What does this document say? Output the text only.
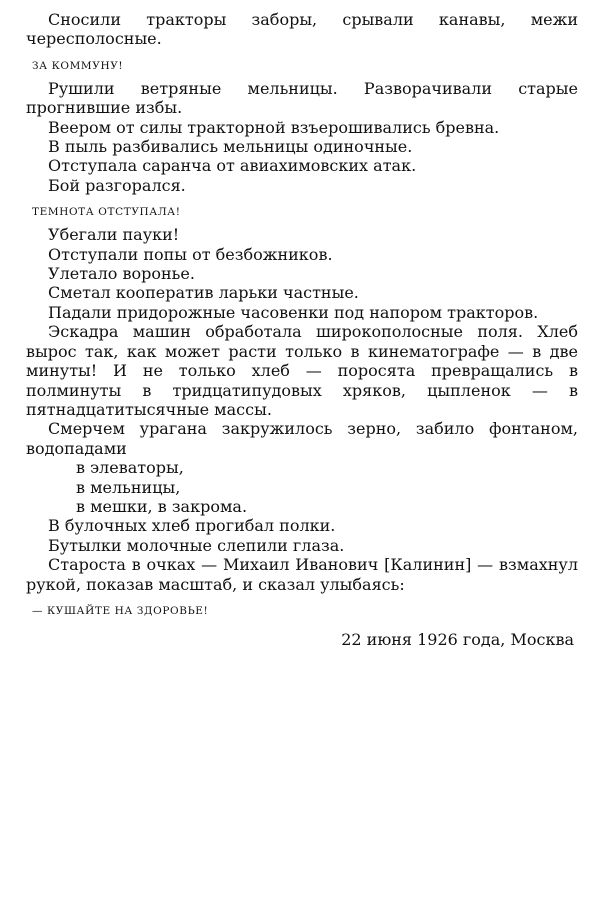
Сносили тракторы заборы, срывали канавы, межи чересполосные.

ЗА КОММУНУ!

Рушили ветряные мельницы. Разворачивали старые прогнившие избы.

Веером от силы тракторной взъерошивались бревна.

В пыль разбивались мельницы одиночные.

Отступала саранча от авиахимовских атак.

Бой разгорался.

ТЕМНОТА ОТСТУПАЛА!

Убегали пауки!

Отступали попы от безбожников.

Улетало воронье.

Сметал кооператив ларьки частные.

Падали придорожные часовенки под напором тракторов.

Эскадра машин обработала широкополосные поля. Хлеб вырос так, как может расти только в кинематографе — в две минуты! И не только хлеб — поросята превращались в полминуты в тридцатипудовых хряков, цыпленок — в пятнадцатитысячные массы.

Смерчем урагана закружилось зерно, забило фонтаном, водопадами

в элеваторы,

в мельницы,

в мешки, в закрома.

В булочных хлеб прогибал полки.

Бутылки молочные слепили глаза.

Староста в очках — Михаил Иванович [Калинин] — взмахнул рукой, показав масштаб, и сказал улыбаясь:

— КУШАЙТЕ НА ЗДОРОВЬЕ!

22 июня 1926 года, Москва
